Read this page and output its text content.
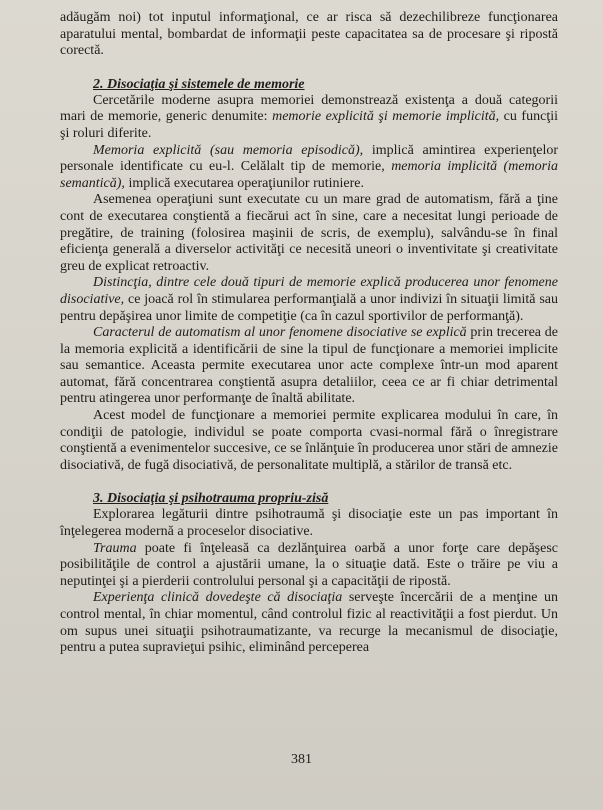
adăugăm noi) tot inputul informaţional, ce ar risca să dezechilibreze funcţionarea aparatului mental, bombardat de informaţii peste capacitatea sa de procesare şi ripostă corectă.

2. Disociaţia şi sistemele de memorie

Cercetările moderne asupra memoriei demonstrează existenţa a două categorii mari de memorie, generic denumite: memorie explicită şi memorie implicită, cu funcţii şi roluri diferite.

Memoria explicită (sau memoria episodică), implică amintirea experienţelor personale identificate cu eu-l. Celălalt tip de memorie, memoria implicită (memoria semantică), implică executarea operaţiunilor rutiniere.

Asemenea operaţiuni sunt executate cu un mare grad de automatism, fără a ţine cont de executarea conştientă a fiecărui act în sine, care a necesitat lungi perioade de pregătire, de training (folosirea maşinii de scris, de exemplu), salvându-se în final eficienţa generală a diverselor activităţi ce necesită uneori o inventivitate şi creativitate greu de explicat retroactiv.

Distincţia, dintre cele două tipuri de memorie explică producerea unor fenomene disociative, ce joacă rol în stimularea performanţială a unor indivizi în situaţii limită sau pentru depăşirea unor limite de competiţie (ca în cazul sportivilor de performanţă).

Caracterul de automatism al unor fenomene disociative se explică prin trecerea de la memoria explicită a identificării de sine la tipul de funcţionare a memoriei implicite sau semantice. Aceasta permite executarea unor acte complexe într-un mod aparent automat, fără concentrarea conştientă asupra detaliilor, ceea ce ar fi chiar detrimental pentru atingerea unor performanţe de înaltă abilitate.

Acest model de funcţionare a memoriei permite explicarea modului în care, în condiţii de patologie, individul se poate comporta cvasi-normal fără o înregistrare conştientă a evenimentelor succesive, ce se înlănţuie în producerea unor stări de amnezie disociativă, de fugă disociativă, de personalitate multiplă, a stărilor de transă etc.

3. Disociaţia şi psihotrauma propriu-zisă

Explorarea legăturii dintre psihotraumă şi disociaţie este un pas important în înţelegerea modernă a proceselor disociative.

Trauma poate fi înţeleasă ca dezlănţuirea oarbă a unor forţe care depăşesc posibilităţile de control a ajustării umane, la o situaţie dată. Este o trăire pe viu a neputinţei şi a pierderii controlului personal şi a capacităţii de ripostă.

Experienţa clinică dovedeşte că disociaţia serveşte încercării de a menţine un control mental, în chiar momentul, când controlul fizic al reactivităţii a fost pierdut. Un om supus unei situaţii psihotraumatizante, va recurge la mecanismul de disociaţie, pentru a putea supravieţui psihic, eliminând perceperea

381
